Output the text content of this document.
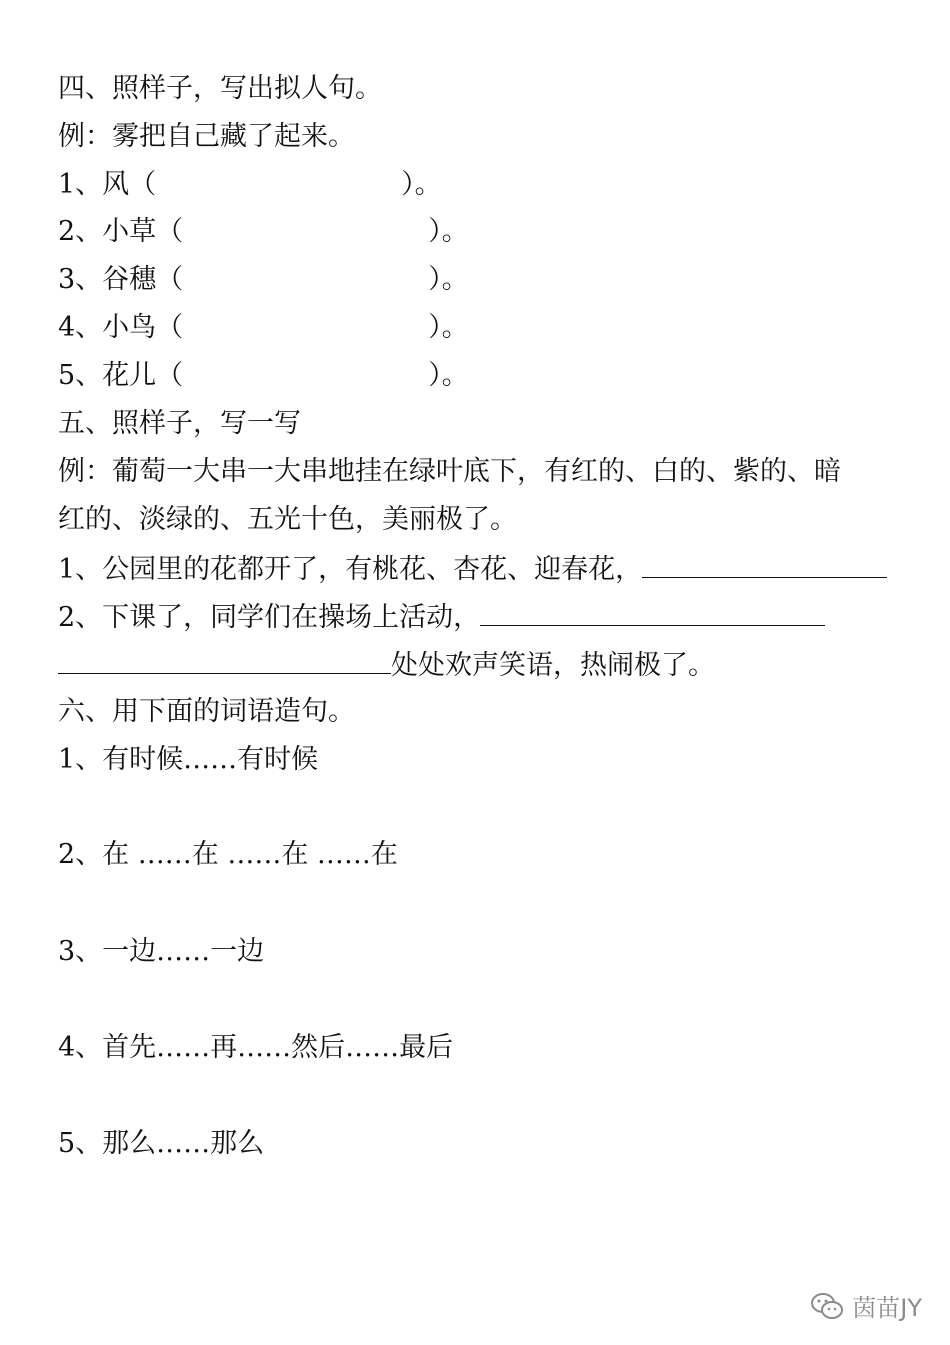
四、照样子，写出拟人句。
例：雾把自己藏了起来。
1、风（	）。
2、小草（	）。
3、谷穗（	）。
4、小鸟（	）。
5、花儿（	）。
五、照样子，写一写
例：葡萄一大串一大串地挂在绿叶底下，有红的、白的、紫的、暗
红的、淡绿的、五光十色，美丽极了。
1、公园里的花都开了，有桃花、杏花、迎春花，
2、下课了，同学们在操场上活动，
处处欢声笑语，热闹极了。
六、用下面的词语造句。
1、有时候……有时候
2、在 ……在 ……在 ……在
3、一边……一边
4、首先……再……然后……最后
5、那么……那么
茵苗JY
